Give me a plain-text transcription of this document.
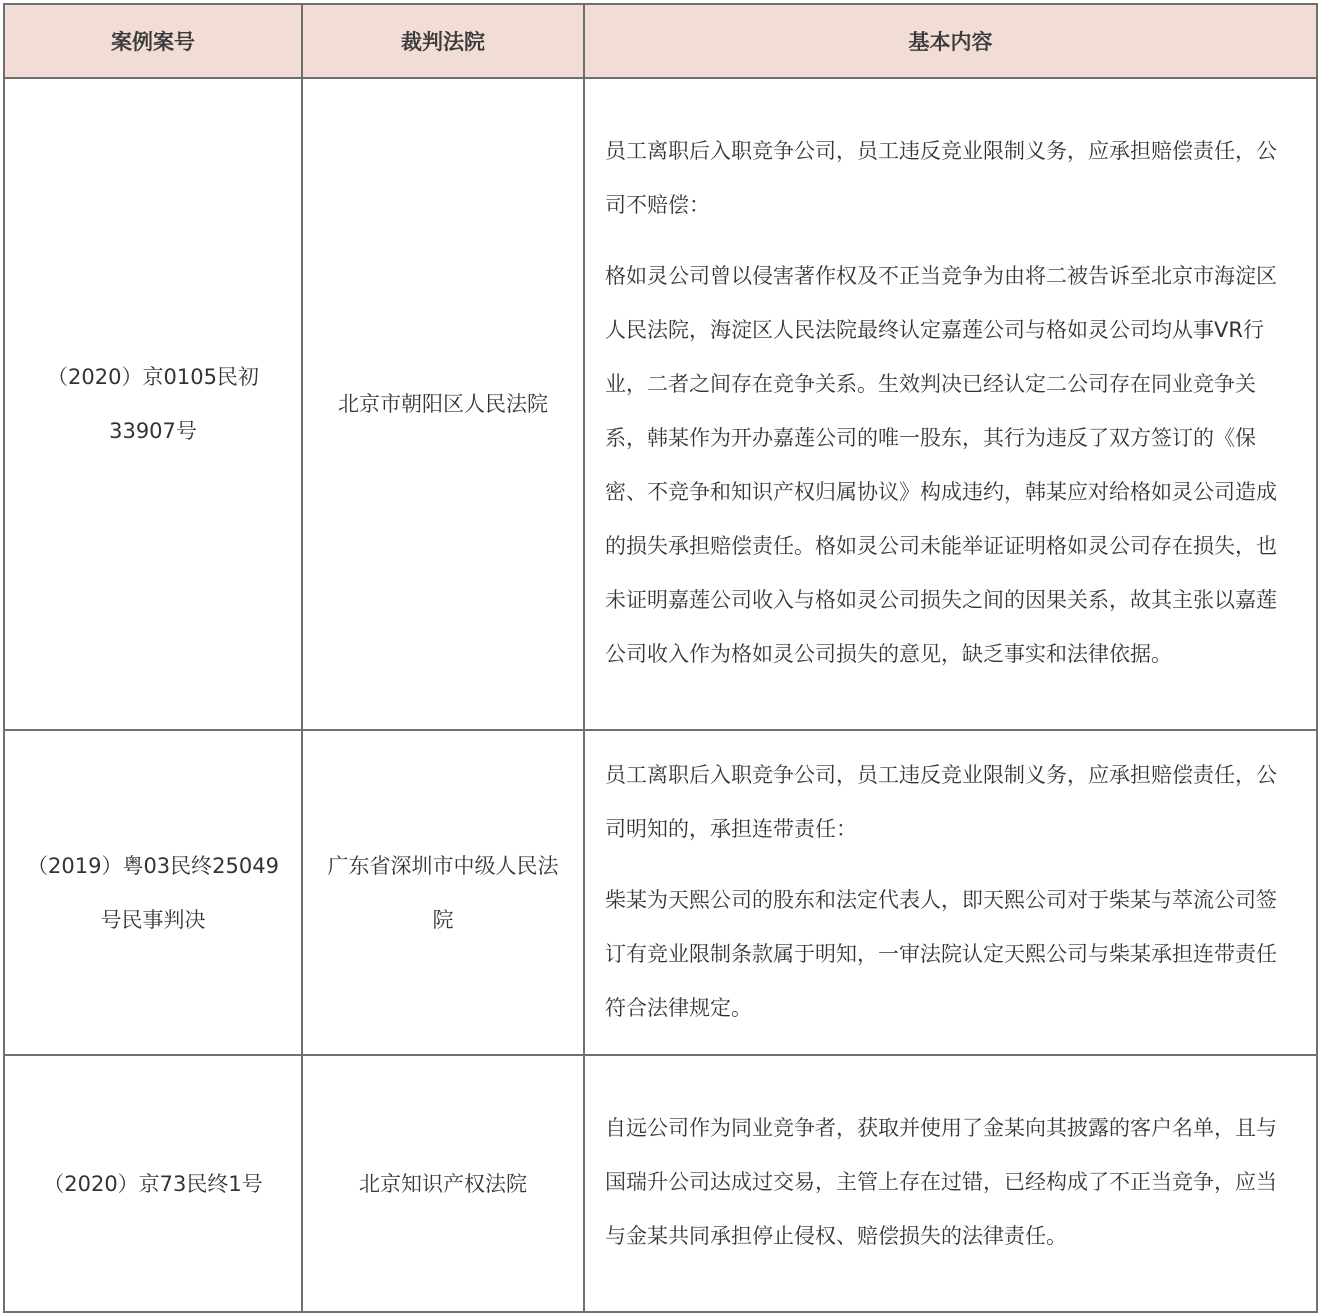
案例案号	裁判法院	基本内容
（2020）京0105民初33907号	北京市朝阳区人民法院	员工离职后入职竞争公司，员工违反竞业限制义务，应承担赔偿责任，公司不赔偿：

格如灵公司曾以侵害著作权及不正当竞争为由将二被告诉至北京市海淀区人民法院，海淀区人民法院最终认定嘉莲公司与格如灵公司均从事VR行业，二者之间存在竞争关系。生效判决已经认定二公司存在同业竞争关系，韩某作为开办嘉莲公司的唯一股东，其行为违反了双方签订的《保密、不竞争和知识产权归属协议》构成违约，韩某应对给格如灵公司造成的损失承担赔偿责任。格如灵公司未能举证证明格如灵公司存在损失，也未证明嘉莲公司收入与格如灵公司损失之间的因果关系，故其主张以嘉莲公司收入作为格如灵公司损失的意见，缺乏事实和法律依据。

（2019）粤03民终25049号民事判决	广东省深圳市中级人民法院	员工离职后入职竞争公司，员工违反竞业限制义务，应承担赔偿责任，公司明知的，承担连带责任：

柴某为天熙公司的股东和法定代表人，即天熙公司对于柴某与萃流公司签订有竞业限制条款属于明知，一审法院认定天熙公司与柴某承担连带责任符合法律规定。

（2020）京73民终1号	北京知识产权法院	自远公司作为同业竞争者，获取并使用了金某向其披露的客户名单，且与国瑞升公司达成过交易，主管上存在过错，已经构成了不正当竞争，应当与金某共同承担停止侵权、赔偿损失的法律责任。
